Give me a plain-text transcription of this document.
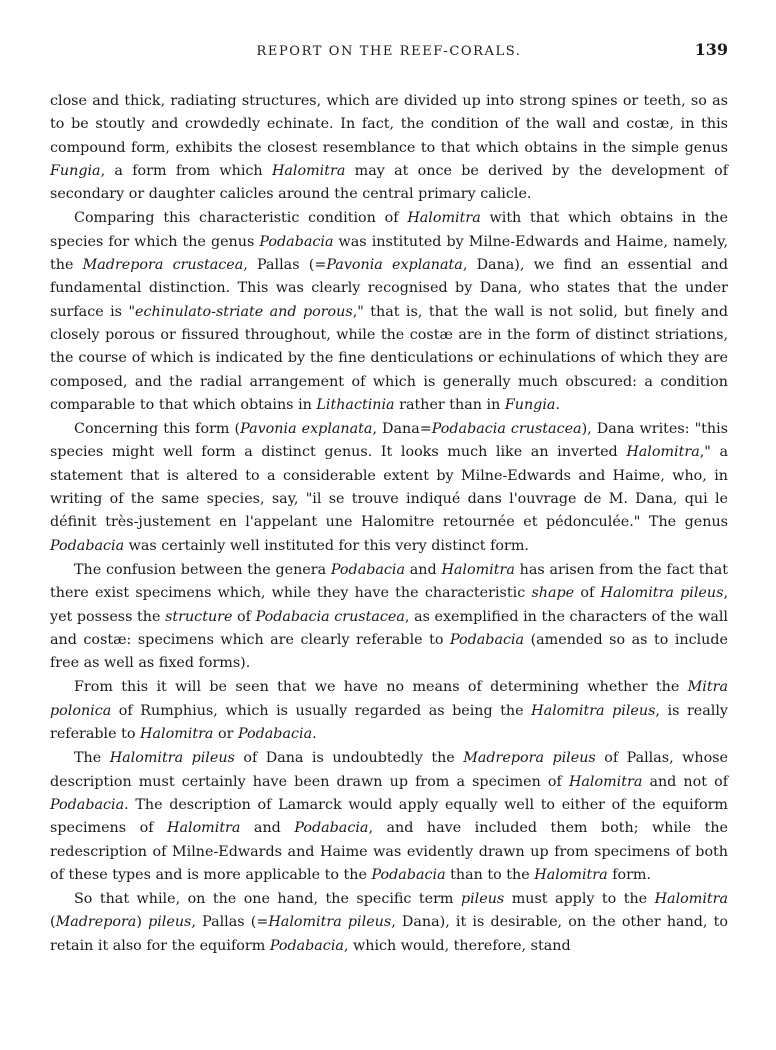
REPORT ON THE REEF-CORALS.	139

close and thick, radiating structures, which are divided up into strong spines or teeth, so as to be stoutly and crowdedly echinate. In fact, the condition of the wall and costæ, in this compound form, exhibits the closest resemblance to that which obtains in the simple genus Fungia, a form from which Halomitra may at once be derived by the development of secondary or daughter calicles around the central primary calicle.

Comparing this characteristic condition of Halomitra with that which obtains in the species for which the genus Podabacia was instituted by Milne-Edwards and Haime, namely, the Madrepora crustacea, Pallas (=Pavonia explanata, Dana), we find an essential and fundamental distinction. This was clearly recognised by Dana, who states that the under surface is "echinulato-striate and porous," that is, that the wall is not solid, but finely and closely porous or fissured throughout, while the costæ are in the form of distinct striations, the course of which is indicated by the fine denticulations or echinulations of which they are composed, and the radial arrangement of which is generally much obscured: a condition comparable to that which obtains in Lithactinia rather than in Fungia.

Concerning this form (Pavonia explanata, Dana=Podabacia crustacea), Dana writes: "this species might well form a distinct genus. It looks much like an inverted Halomitra," a statement that is altered to a considerable extent by Milne-Edwards and Haime, who, in writing of the same species, say, "il se trouve indiqué dans l'ouvrage de M. Dana, qui le définit très-justement en l'appelant une Halomitre retournée et pédonculée." The genus Podabacia was certainly well instituted for this very distinct form.

The confusion between the genera Podabacia and Halomitra has arisen from the fact that there exist specimens which, while they have the characteristic shape of Halomitra pileus, yet possess the structure of Podabacia crustacea, as exemplified in the characters of the wall and costæ: specimens which are clearly referable to Podabacia (amended so as to include free as well as fixed forms).

From this it will be seen that we have no means of determining whether the Mitra polonica of Rumphius, which is usually regarded as being the Halomitra pileus, is really referable to Halomitra or Podabacia.

The Halomitra pileus of Dana is undoubtedly the Madrepora pileus of Pallas, whose description must certainly have been drawn up from a specimen of Halomitra and not of Podabacia. The description of Lamarck would apply equally well to either of the equiform specimens of Halomitra and Podabacia, and have included them both; while the redescription of Milne-Edwards and Haime was evidently drawn up from specimens of both of these types and is more applicable to the Podabacia than to the Halomitra form.

So that while, on the one hand, the specific term pileus must apply to the Halomitra (Madrepora) pileus, Pallas (=Halomitra pileus, Dana), it is desirable, on the other hand, to retain it also for the equiform Podabacia, which would, therefore, stand
